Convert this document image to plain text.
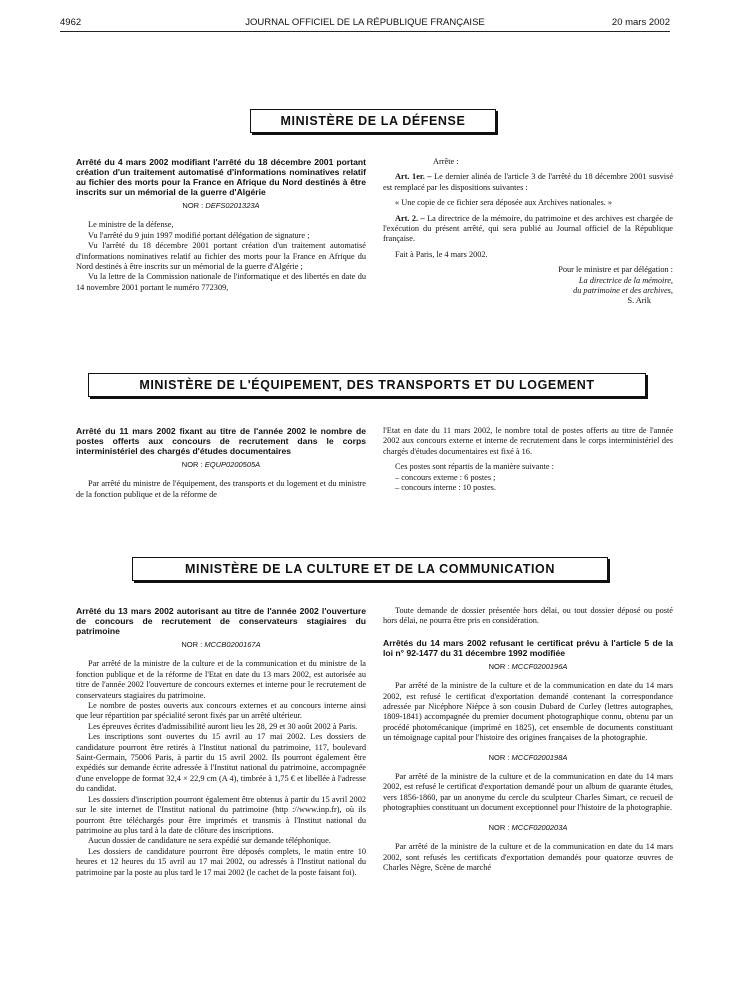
4962	JOURNAL OFFICIEL DE LA RÉPUBLIQUE FRANÇAISE	20 mars 2002
MINISTÈRE DE LA DÉFENSE
Arrêté du 4 mars 2002 modifiant l'arrêté du 18 décembre 2001 portant création d'un traitement automatisé d'informations nominatives relatif au fichier des morts pour la France en Afrique du Nord destinés à être inscrits sur un mémorial de la guerre d'Algérie
NOR : DEFS0201323A

Le ministre de la défense,

Vu l'arrêté du 9 juin 1997 modifié portant délégation de signature ;

Vu l'arrêté du 18 décembre 2001 portant création d'un traitement automatisé d'informations nominatives relatif au fichier des morts pour la France en Afrique du Nord destinés à être inscrits sur un mémorial de la guerre d'Algérie ;

Vu la lettre de la Commission nationale de l'informatique et des libertés en date du 14 novembre 2001 portant le numéro 772309,

Arrête :

Art. 1er. – Le dernier alinéa de l'article 3 de l'arrêté du 18 décembre 2001 susvisé est remplacé par les dispositions suivantes :

« Une copie de ce fichier sera déposée aux Archives nationales. »

Art. 2. – La directrice de la mémoire, du patrimoine et des archives est chargée de l'exécution du présent arrêté, qui sera publié au Journal officiel de la République française.

Fait à Paris, le 4 mars 2002.

Pour le ministre et par délégation :
La directrice de la mémoire,
du patrimoine et des archives,
S. Arik
MINISTÈRE DE L'ÉQUIPEMENT, DES TRANSPORTS ET DU LOGEMENT
Arrêté du 11 mars 2002 fixant au titre de l'année 2002 le nombre de postes offerts aux concours de recrutement dans le corps interministériel des chargés d'études documentaires
NOR : EQUP0200505A

Par arrêté du ministre de l'équipement, des transports et du logement et du ministre de la fonction publique et de la réforme de

l'Etat en date du 11 mars 2002, le nombre total de postes offerts au titre de l'année 2002 aux concours externe et interne de recrutement dans le corps interministériel des chargés d'études documentaires est fixé à 16.

Ces postes sont répartis de la manière suivante :

– concours externe : 6 postes ;

– concours interne : 10 postes.

MINISTÈRE DE LA CULTURE ET DE LA COMMUNICATION
Arrêté du 13 mars 2002 autorisant au titre de l'année 2002 l'ouverture de concours de recrutement de conservateurs stagiaires du patrimoine
NOR : MCCB0200167A

Par arrêté de la ministre de la culture et de la communication et du ministre de la fonction publique et de la réforme de l'Etat en date du 13 mars 2002, est autorisée au titre de l'année 2002 l'ouverture de concours externes et interne pour le recrutement de conservateurs stagiaires du patrimoine.

Le nombre de postes ouverts aux concours externes et au concours interne ainsi que leur répartition par spécialité seront fixés par un arrêté ultérieur.

Les épreuves écrites d'admissibilité auront lieu les 28, 29 et 30 août 2002 à Paris.

Les inscriptions sont ouvertes du 15 avril au 17 mai 2002. Les dossiers de candidature pourront être retirés à l'Institut national du patrimoine, 117, boulevard Saint-Germain, 75006 Paris, à partir du 15 avril 2002. Ils pourront également être expédiés sur demande écrite adressée à l'Institut national du patrimoine, accompagnée d'une enveloppe de format 32,4 × 22,9 cm (A 4), timbrée à 1,75 € et libellée à l'adresse du candidat.

Les dossiers d'inscription pourront également être obtenus à partir du 15 avril 2002 sur le site internet de l'Institut national du patrimoine (http ://www.inp.fr), où ils pourront être téléchargés pour être imprimés et transmis à l'Institut national du patrimoine au plus tard à la date de clôture des inscriptions.

Aucun dossier de candidature ne sera expédié sur demande téléphonique.

Les dossiers de candidature pourront être déposés complets, le matin entre 10 heures et 12 heures du 15 avril au 17 mai 2002, ou adressés à l'Institut national du patrimoine par la poste au plus tard le 17 mai 2002 (le cachet de la poste faisant foi).

Toute demande de dossier présentée hors délai, ou tout dossier déposé ou posté hors délai, ne pourra être pris en considération.

Arrêtés du 14 mars 2002 refusant le certificat prévu à l'article 5 de la loi n° 92-1477 du 31 décembre 1992 modifiée
NOR : MCCF0200196A

Par arrêté de la ministre de la culture et de la communication en date du 14 mars 2002, est refusé le certificat d'exportation demandé contenant la correspondance adressée par Nicéphore Niépce à son cousin Dubard de Curley (lettres autographes, 1809-1841) accompagnée du premier document photographique connu, obtenu par un procédé photomécanique (imprimé en 1825), cet ensemble de documents constituant un témoignage capital pour l'histoire des origines françaises de la photographie.

NOR : MCCF0200198A

Par arrêté de la ministre de la culture et de la communication en date du 14 mars 2002, est refusé le certificat d'exportation demandé pour un album de quarante études, vers 1856-1860, par un anonyme du cercle du sculpteur Charles Simart, ce recueil de photographies constituant un document exceptionnel pour l'histoire de la photographie.

NOR : MCCF0200203A

Par arrêté de la ministre de la culture et de la communication en date du 14 mars 2002, sont refusés les certificats d'exportation demandés pour quatorze œuvres de Charles Nègre, Scène de marché
